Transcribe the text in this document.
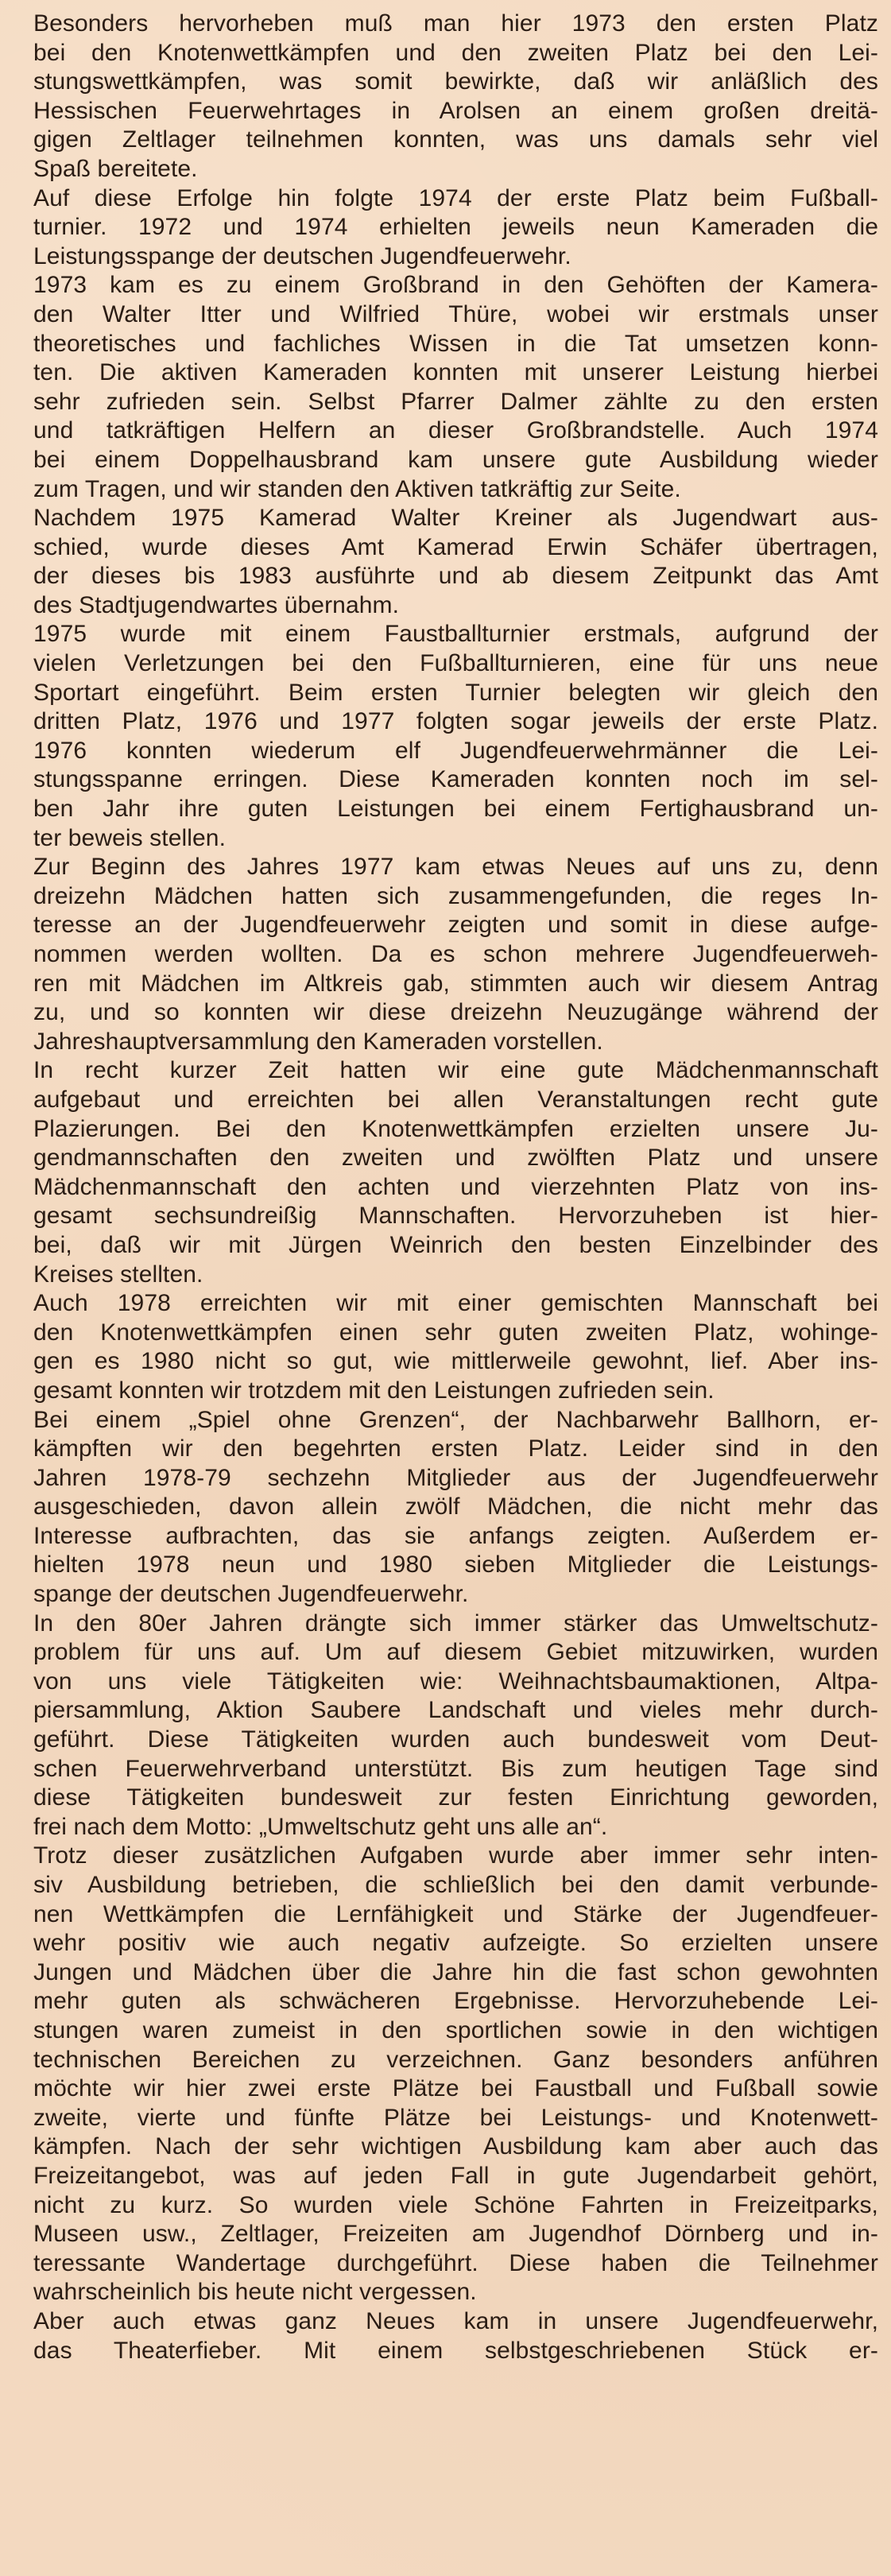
Besonders hervorheben muß man hier 1973 den ersten Platz
bei den Knotenwettkämpfen und den zweiten Platz bei den Lei-
stungswettkämpfen, was somit bewirkte, daß wir anläßlich des
Hessischen Feuerwehrtages in Arolsen an einem großen dreitä-
gigen Zeltlager teilnehmen konnten, was uns damals sehr viel
Spaß bereitete.
Auf diese Erfolge hin folgte 1974 der erste Platz beim Fußball-
turnier. 1972 und 1974 erhielten jeweils neun Kameraden die
Leistungsspange der deutschen Jugendfeuerwehr.
1973 kam es zu einem Großbrand in den Gehöften der Kamera-
den Walter Itter und Wilfried Thüre, wobei wir erstmals unser
theoretisches und fachliches Wissen in die Tat umsetzen konn-
ten. Die aktiven Kameraden konnten mit unserer Leistung hierbei
sehr zufrieden sein. Selbst Pfarrer Dalmer zählte zu den ersten
und tatkräftigen Helfern an dieser Großbrandstelle. Auch 1974
bei einem Doppelhausbrand kam unsere gute Ausbildung wieder
zum Tragen, und wir standen den Aktiven tatkräftig zur Seite.
Nachdem 1975 Kamerad Walter Kreiner als Jugendwart aus-
schied, wurde dieses Amt Kamerad Erwin Schäfer übertragen,
der dieses bis 1983 ausführte und ab diesem Zeitpunkt das Amt
des Stadtjugendwartes übernahm.
1975 wurde mit einem Faustballturnier erstmals, aufgrund der
vielen Verletzungen bei den Fußballturnieren, eine für uns neue
Sportart eingeführt. Beim ersten Turnier belegten wir gleich den
dritten Platz, 1976 und 1977 folgten sogar jeweils der erste Platz.
1976 konnten wiederum elf Jugendfeuerwehrmänner die Lei-
stungsspanne erringen. Diese Kameraden konnten noch im sel-
ben Jahr ihre guten Leistungen bei einem Fertighausbrand un-
ter beweis stellen.
Zur Beginn des Jahres 1977 kam etwas Neues auf uns zu, denn
dreizehn Mädchen hatten sich zusammengefunden, die reges In-
teresse an der Jugendfeuerwehr zeigten und somit in diese aufge-
nommen werden wollten. Da es schon mehrere Jugendfeuerweh-
ren mit Mädchen im Altkreis gab, stimmten auch wir diesem Antrag
zu, und so konnten wir diese dreizehn Neuzugänge während der
Jahreshauptversammlung den Kameraden vorstellen.
In recht kurzer Zeit hatten wir eine gute Mädchenmannschaft
aufgebaut und erreichten bei allen Veranstaltungen recht gute
Plazierungen. Bei den Knotenwettkämpfen erzielten unsere Ju-
gendmannschaften den zweiten und zwölften Platz und unsere
Mädchenmannschaft den achten und vierzehnten Platz von ins-
gesamt sechsundreißig Mannschaften. Hervorzuheben ist hier-
bei, daß wir mit Jürgen Weinrich den besten Einzelbinder des
Kreises stellten.
Auch 1978 erreichten wir mit einer gemischten Mannschaft bei
den Knotenwettkämpfen einen sehr guten zweiten Platz, wohinge-
gen es 1980 nicht so gut, wie mittlerweile gewohnt, lief. Aber ins-
gesamt konnten wir trotzdem mit den Leistungen zufrieden sein.
Bei einem „Spiel ohne Grenzen“, der Nachbarwehr Ballhorn, er-
kämpften wir den begehrten ersten Platz. Leider sind in den
Jahren 1978-79 sechzehn Mitglieder aus der Jugendfeuerwehr
ausgeschieden, davon allein zwölf Mädchen, die nicht mehr das
Interesse aufbrachten, das sie anfangs zeigten. Außerdem er-
hielten 1978 neun und 1980 sieben Mitglieder die Leistungs-
spange der deutschen Jugendfeuerwehr.
In den 80er Jahren drängte sich immer stärker das Umweltschutz-
problem für uns auf. Um auf diesem Gebiet mitzuwirken, wurden
von uns viele Tätigkeiten wie: Weihnachtsbaumaktionen, Altpa-
piersammlung, Aktion Saubere Landschaft und vieles mehr durch-
geführt. Diese Tätigkeiten wurden auch bundesweit vom Deut-
schen Feuerwehrverband unterstützt. Bis zum heutigen Tage sind
diese Tätigkeiten bundesweit zur festen Einrichtung geworden,
frei nach dem Motto: „Umweltschutz geht uns alle an“.
Trotz dieser zusätzlichen Aufgaben wurde aber immer sehr inten-
siv Ausbildung betrieben, die schließlich bei den damit verbunde-
nen Wettkämpfen die Lernfähigkeit und Stärke der Jugendfeuer-
wehr positiv wie auch negativ aufzeigte. So erzielten unsere
Jungen und Mädchen über die Jahre hin die fast schon gewohnten
mehr guten als schwächeren Ergebnisse. Hervorzuhebende Lei-
stungen waren zumeist in den sportlichen sowie in den wichtigen
technischen Bereichen zu verzeichnen. Ganz besonders anführen
möchte wir hier zwei erste Plätze bei Faustball und Fußball sowie
zweite, vierte und fünfte Plätze bei Leistungs- und Knotenwett-
kämpfen. Nach der sehr wichtigen Ausbildung kam aber auch das
Freizeitangebot, was auf jeden Fall in gute Jugendarbeit gehört,
nicht zu kurz. So wurden viele Schöne Fahrten in Freizeitparks,
Museen usw., Zeltlager, Freizeiten am Jugendhof Dörnberg und in-
teressante Wandertage durchgeführt. Diese haben die Teilnehmer
wahrscheinlich bis heute nicht vergessen.
Aber auch etwas ganz Neues kam in unsere Jugendfeuerwehr,
das Theaterfieber. Mit einem selbstgeschriebenen Stück er-
